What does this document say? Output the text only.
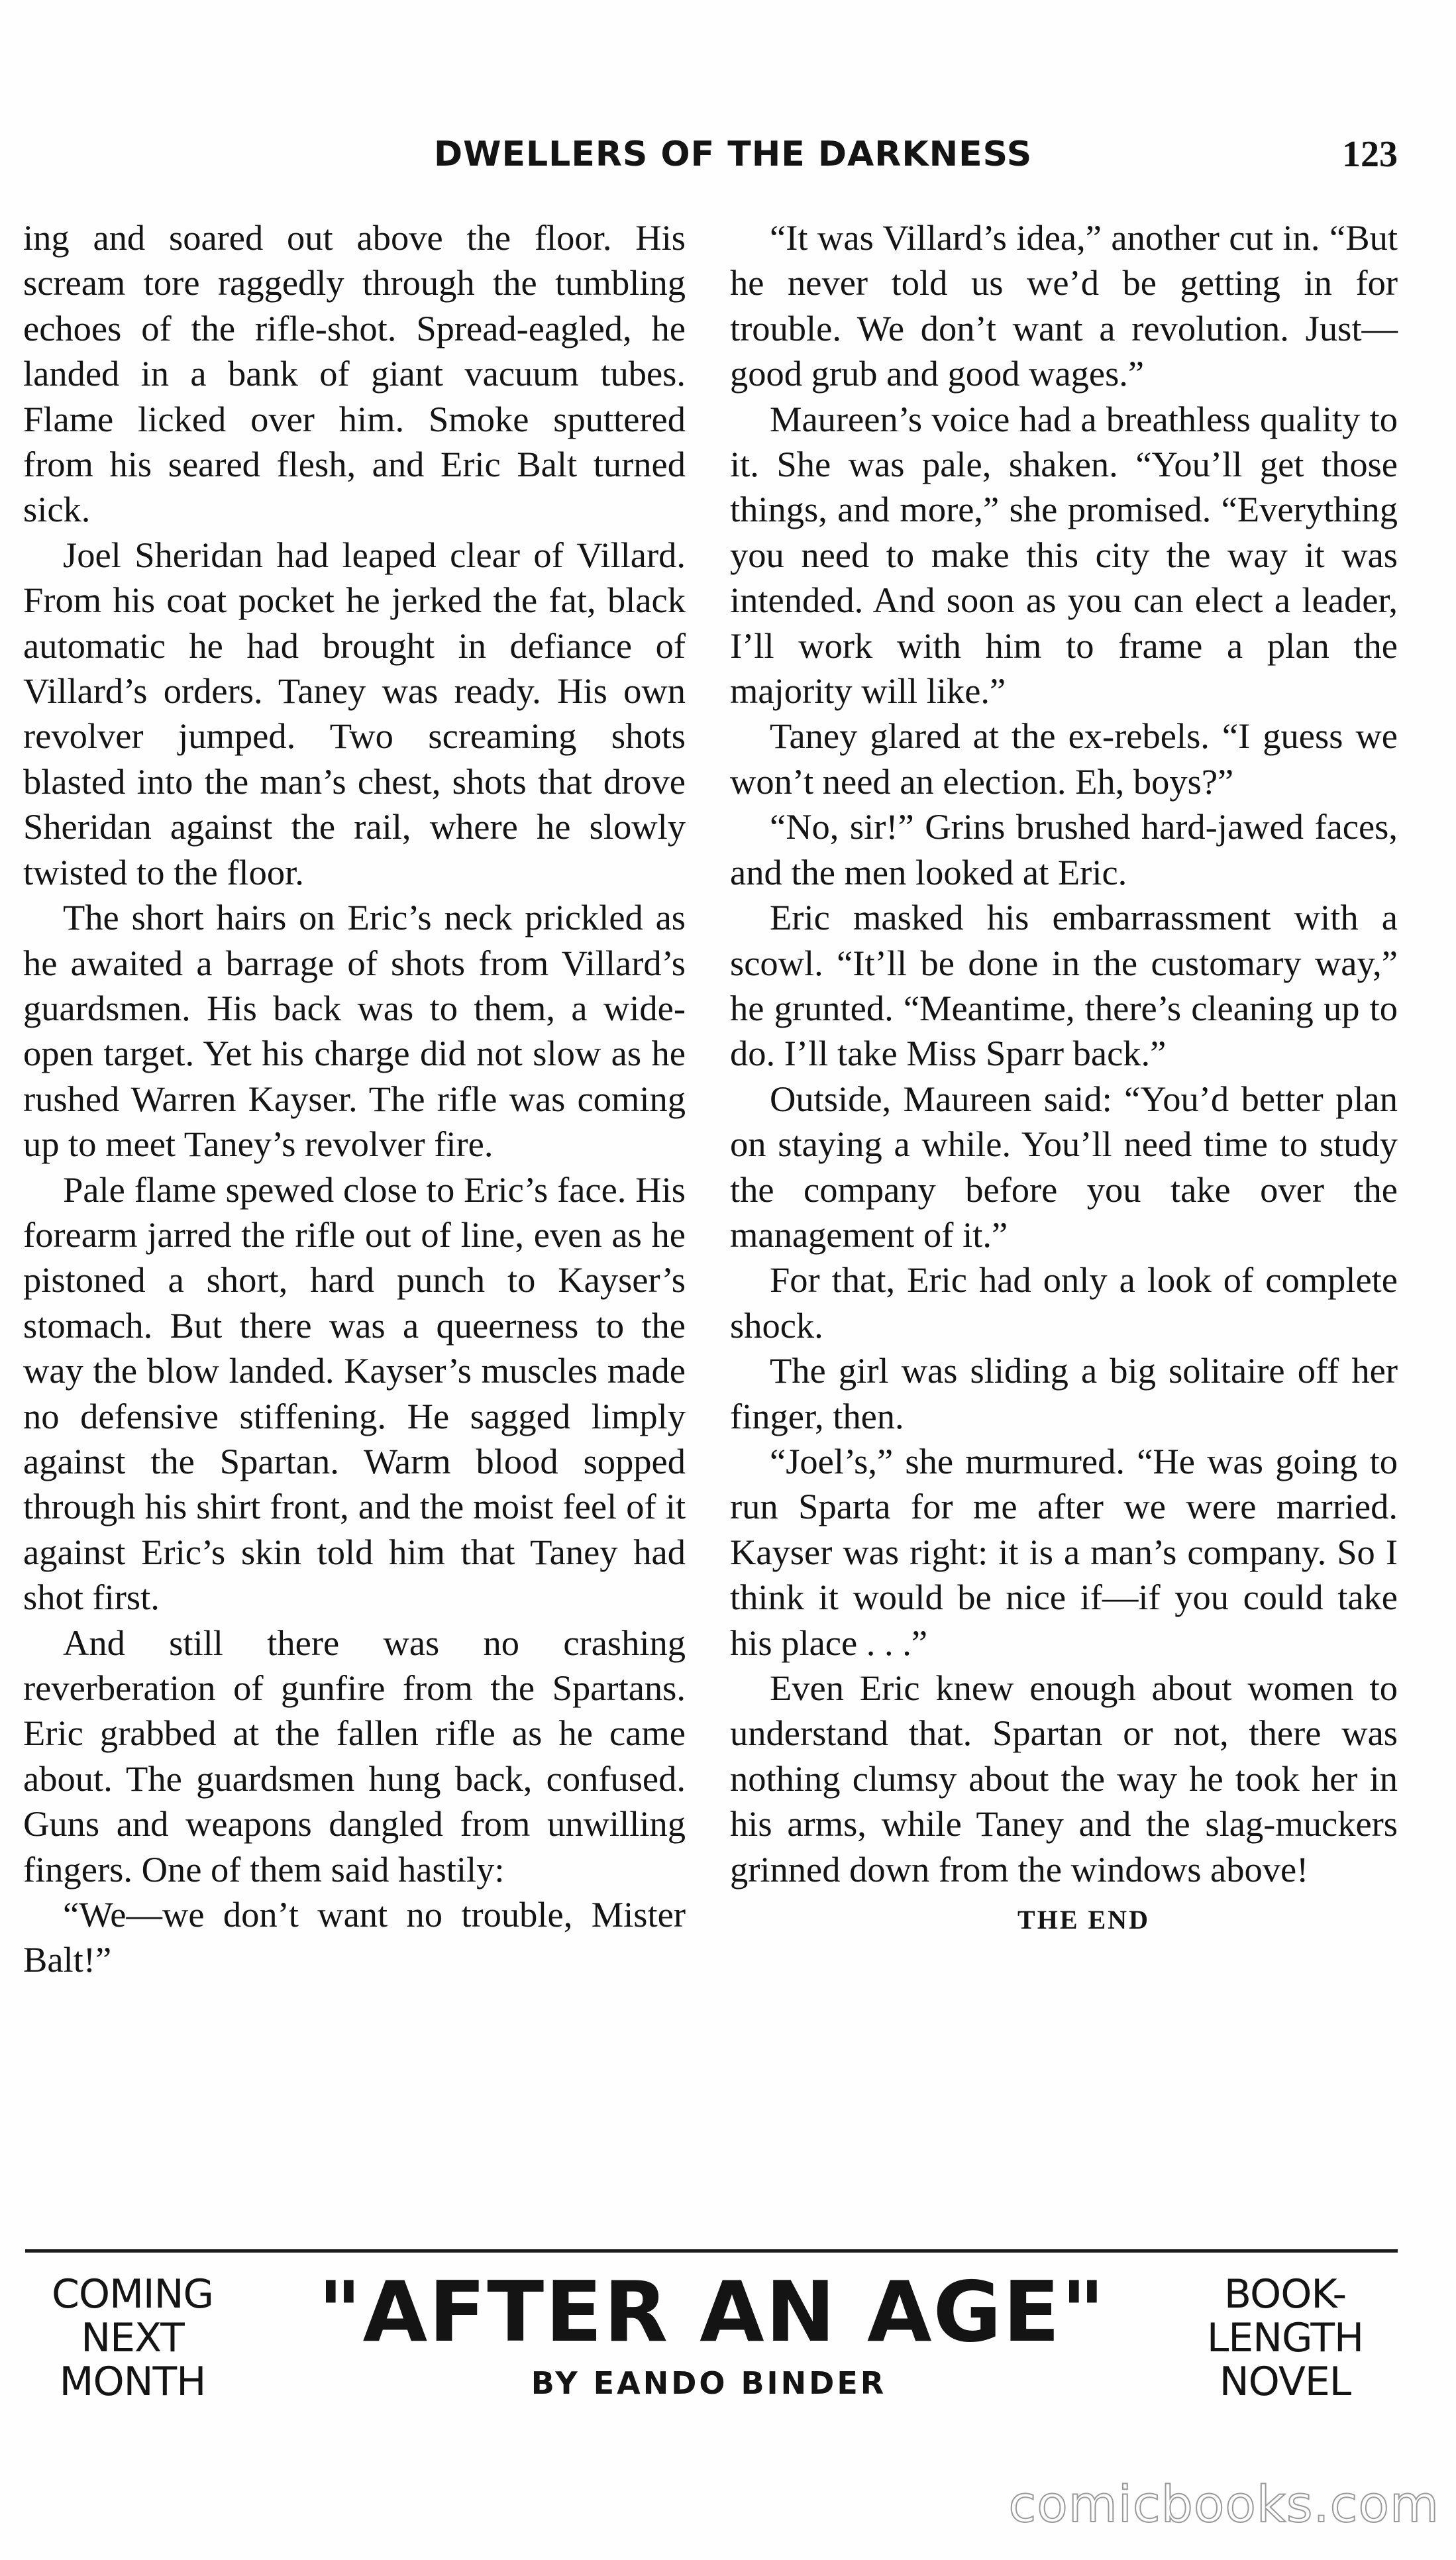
DWELLERS OF THE DARKNESS	123

ing and soared out above the floor. His scream tore raggedly through the tumbling echoes of the rifle-shot. Spread-eagled, he landed in a bank of giant vacuum tubes. Flame licked over him. Smoke sputtered from his seared flesh, and Eric Balt turned sick.

Joel Sheridan had leaped clear of Villard. From his coat pocket he jerked the fat, black automatic he had brought in defiance of Villard’s orders. Taney was ready. His own revolver jumped. Two screaming shots blasted into the man’s chest, shots that drove Sheridan against the rail, where he slowly twisted to the floor.

The short hairs on Eric’s neck prickled as he awaited a barrage of shots from Villard’s guardsmen. His back was to them, a wide-open target. Yet his charge did not slow as he rushed Warren Kayser. The rifle was coming up to meet Taney’s revolver fire.

Pale flame spewed close to Eric’s face. His forearm jarred the rifle out of line, even as he pistoned a short, hard punch to Kayser’s stomach. But there was a queerness to the way the blow landed. Kayser’s muscles made no defensive stiffening. He sagged limply against the Spartan. Warm blood sopped through his shirt front, and the moist feel of it against Eric’s skin told him that Taney had shot first.

And still there was no crashing reverberation of gunfire from the Spartans. Eric grabbed at the fallen rifle as he came about. The guardsmen hung back, confused. Guns and weapons dangled from unwilling fingers. One of them said hastily:

“We—we don’t want no trouble, Mister Balt!”

“It was Villard’s idea,” another cut in. “But he never told us we’d be getting in for trouble. We don’t want a revolution. Just—good grub and good wages.”

Maureen’s voice had a breathless quality to it. She was pale, shaken. “You’ll get those things, and more,” she promised. “Everything you need to make this city the way it was intended. And soon as you can elect a leader, I’ll work with him to frame a plan the majority will like.”

Taney glared at the ex-rebels. “I guess we won’t need an election. Eh, boys?”

“No, sir!” Grins brushed hard-jawed faces, and the men looked at Eric.

Eric masked his embarrassment with a scowl. “It’ll be done in the customary way,” he grunted. “Meantime, there’s cleaning up to do. I’ll take Miss Sparr back.”

Outside, Maureen said: “You’d better plan on staying a while. You’ll need time to study the company before you take over the management of it.”

For that, Eric had only a look of complete shock.

The girl was sliding a big solitaire off her finger, then.

“Joel’s,” she murmured. “He was going to run Sparta for me after we were married. Kayser was right: it is a man’s company. So I think it would be nice if—if you could take his place . . .”

Even Eric knew enough about women to understand that. Spartan or not, there was nothing clumsy about the way he took her in his arms, while Taney and the slag-muckers grinned down from the windows above!

THE END
COMING
NEXT
MONTH
"AFTER AN AGE"
BY EANDO BINDER
BOOK-
LENGTH
NOVEL
comicbooks.com
